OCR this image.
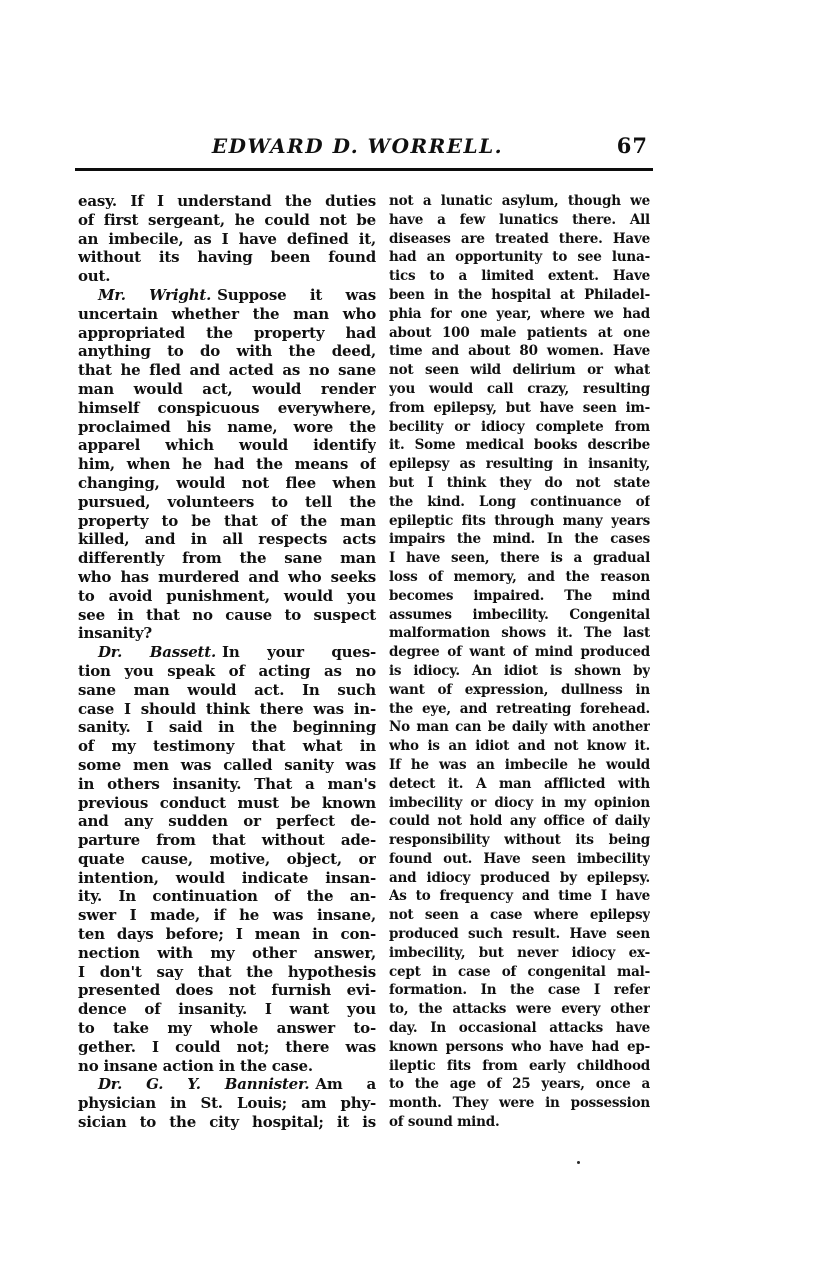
EDWARD D. WORRELL.	67
easy. If I understand the duties
of first sergeant, he could not be
an imbecile, as I have defined it,
without its having been found
out.
Mr. Wright. Suppose it was
uncertain whether the man who
appropriated the property had
anything to do with the deed,
that he fled and acted as no sane
man would act, would render
himself conspicuous everywhere,
proclaimed his name, wore the
apparel which would identify
him, when he had the means of
changing, would not flee when
pursued, volunteers to tell the
property to be that of the man
killed, and in all respects acts
differently from the sane man
who has murdered and who seeks
to avoid punishment, would you
see in that no cause to suspect
insanity?
Dr. Bassett. In your ques-
tion you speak of acting as no
sane man would act. In such
case I should think there was in-
sanity. I said in the beginning
of my testimony that what in
some men was called sanity was
in others insanity. That a man's
previous conduct must be known
and any sudden or perfect de-
parture from that without ade-
quate cause, motive, object, or
intention, would indicate insan-
ity. In continuation of the an-
swer I made, if he was insane,
ten days before; I mean in con-
nection with my other answer,
I don't say that the hypothesis
presented does not furnish evi-
dence of insanity. I want you
to take my whole answer to-
gether. I could not; there was
no insane action in the case.
Dr. G. Y. Bannister. Am a
physician in St. Louis; am phy-
sician to the city hospital; it is
not a lunatic asylum, though we
have a few lunatics there. All
diseases are treated there. Have
had an opportunity to see luna-
tics to a limited extent. Have
been in the hospital at Philadel-
phia for one year, where we had
about 100 male patients at one
time and about 80 women. Have
not seen wild delirium or what
you would call crazy, resulting
from epilepsy, but have seen im-
becility or idiocy complete from
it. Some medical books describe
epilepsy as resulting in insanity,
but I think they do not state
the kind. Long continuance of
epileptic fits through many years
impairs the mind. In the cases
I have seen, there is a gradual
loss of memory, and the reason
becomes impaired. The mind
assumes imbecility. Congenital
malformation shows it. The last
degree of want of mind produced
is idiocy. An idiot is shown by
want of expression, dullness in
the eye, and retreating forehead.
No man can be daily with another
who is an idiot and not know it.
If he was an imbecile he would
detect it. A man afflicted with
imbecility or diocy in my opinion
could not hold any office of daily
responsibility without its being
found out. Have seen imbecility
and idiocy produced by epilepsy.
As to frequency and time I have
not seen a case where epilepsy
produced such result. Have seen
imbecility, but never idiocy ex-
cept in case of congenital mal-
formation. In the case I refer
to, the attacks were every other
day. In occasional attacks have
known persons who have had ep-
ileptic fits from early childhood
to the age of 25 years, once a
month. They were in possession
of sound mind.
